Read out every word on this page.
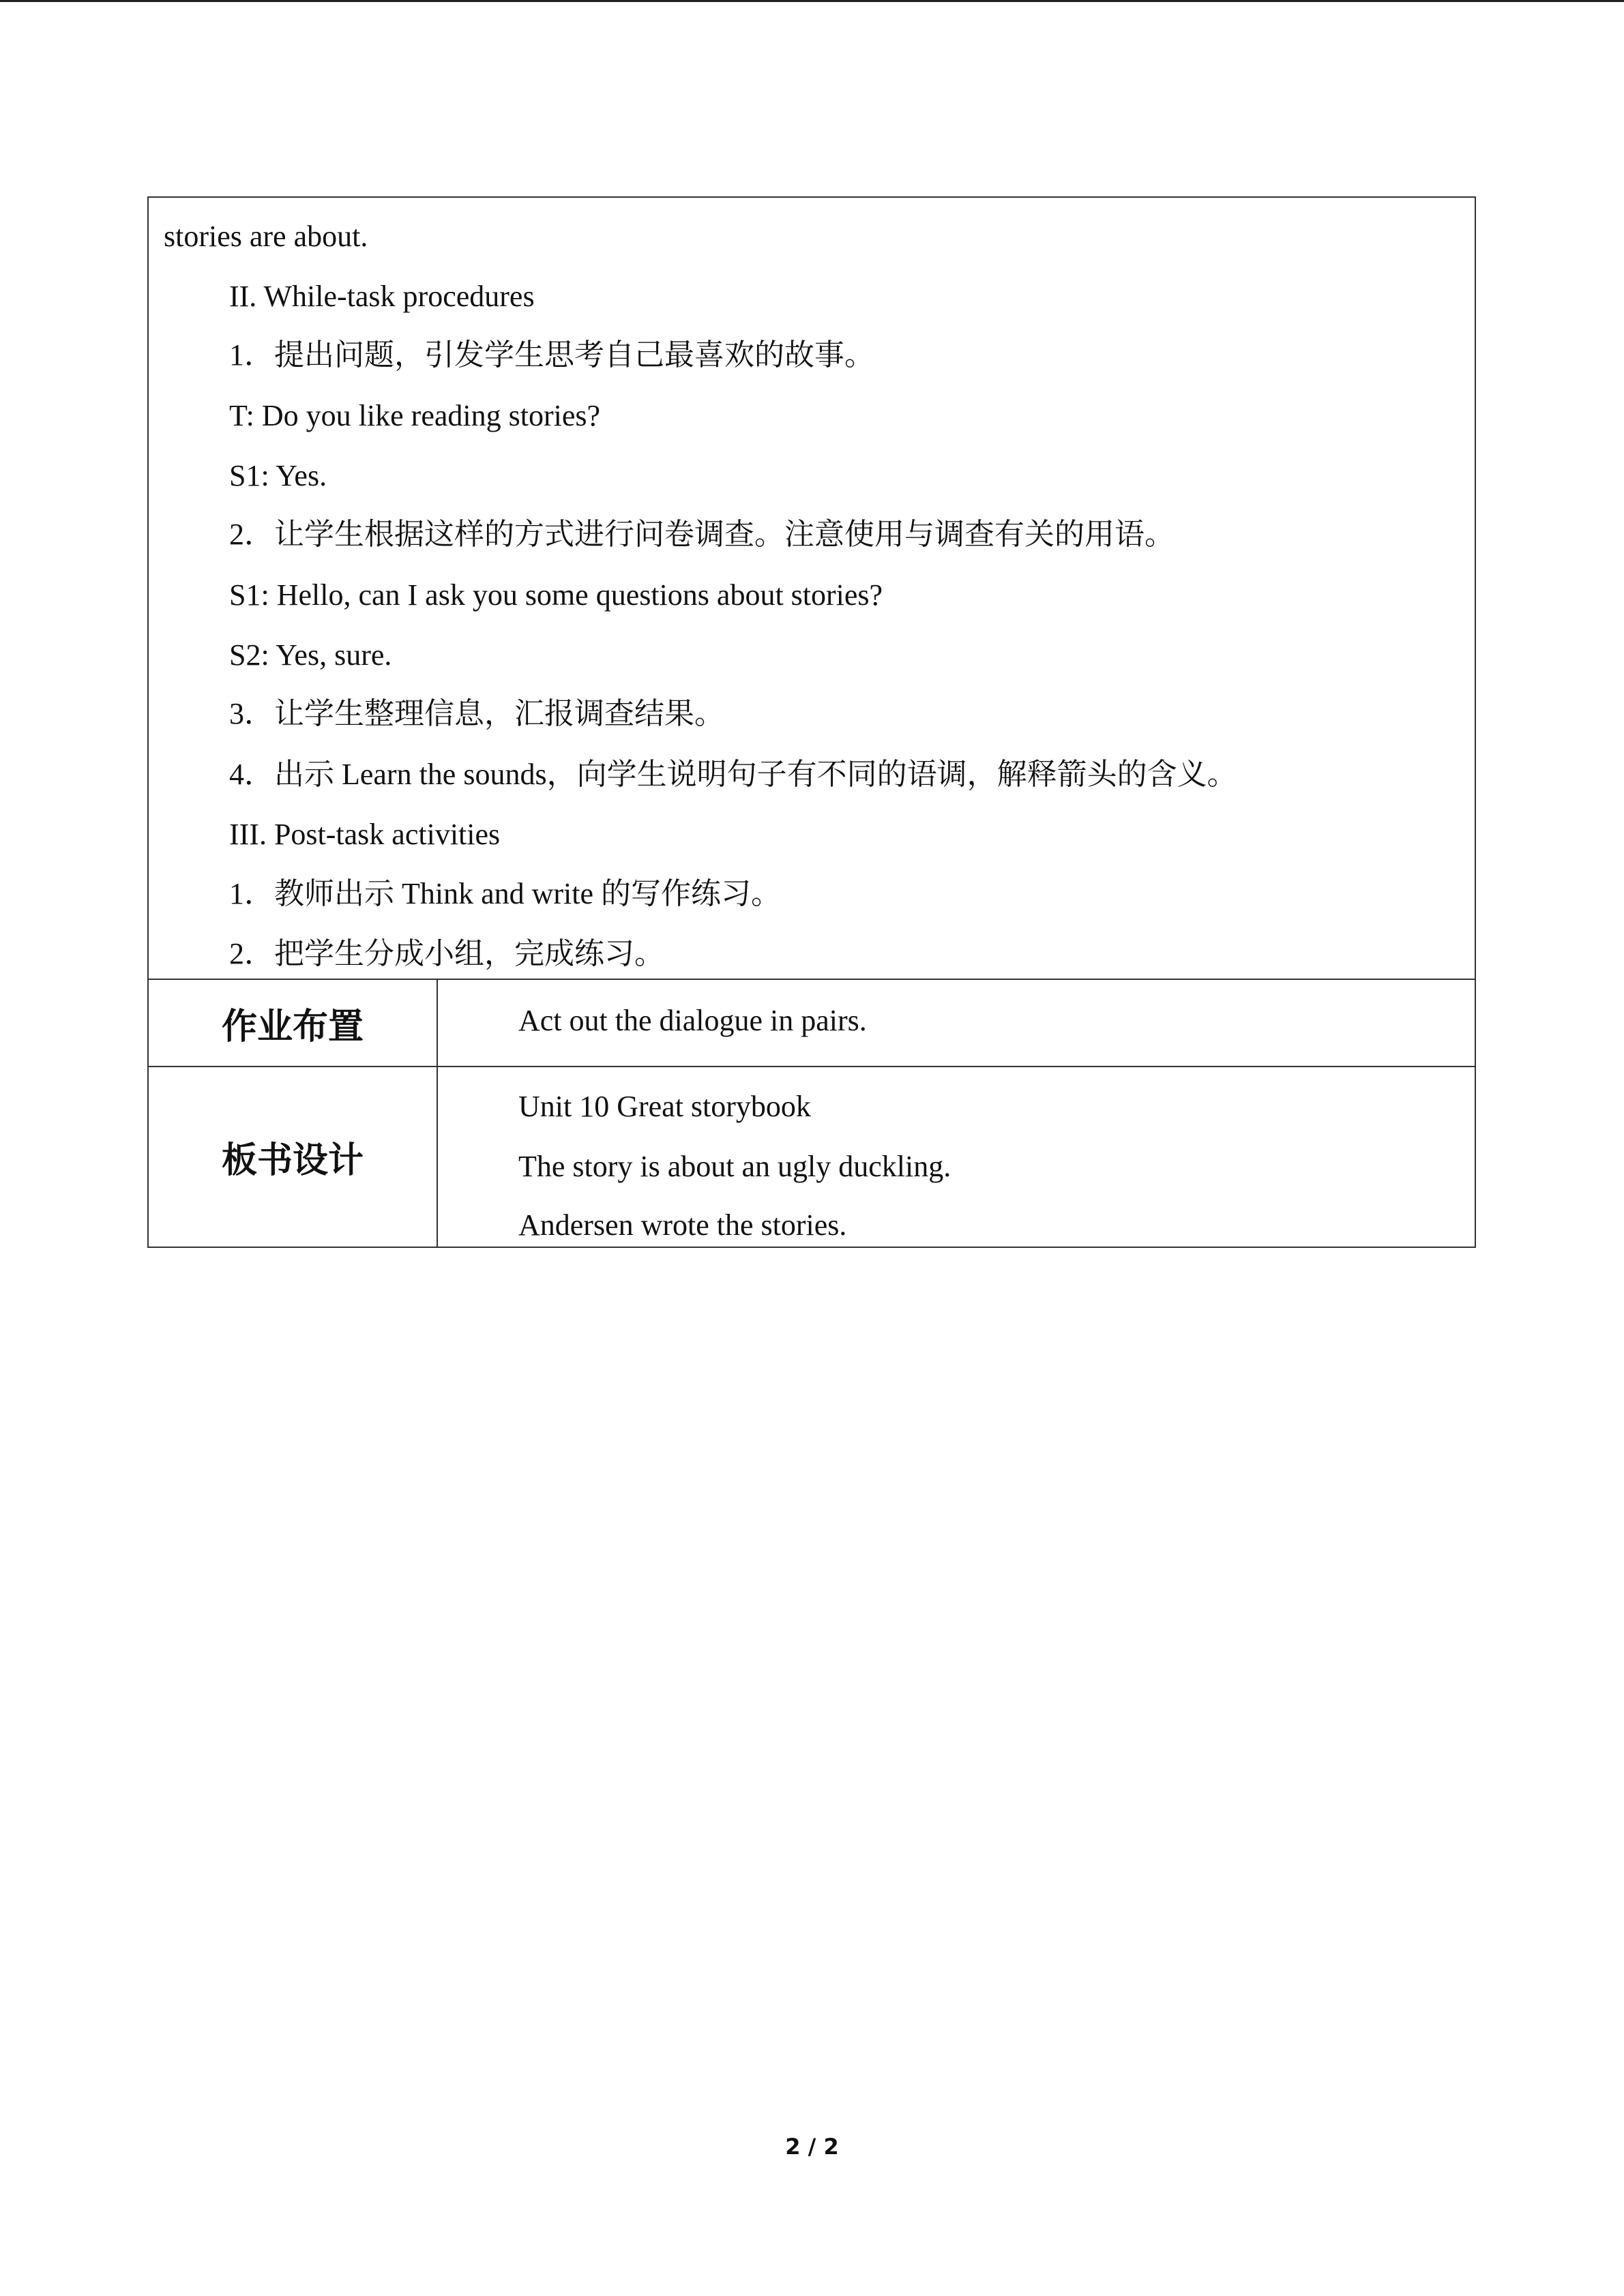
stories are about.
II. While-task procedures
1．提出问题，引发学生思考自己最喜欢的故事。
T: Do you like reading stories?
S1: Yes.
2．让学生根据这样的方式进行问卷调查。注意使用与调查有关的用语。
S1: Hello, can I ask you some questions about stories?
S2: Yes, sure.
3．让学生整理信息，汇报调查结果。
4．出示 Learn the sounds，向学生说明句子有不同的语调，解释箭头的含义。
III. Post-task activities
1．教师出示 Think and write 的写作练习。
2．把学生分成小组，完成练习。
作业布置	Act out the dialogue in pairs.
板书设计
Unit 10 Great storybook
The story is about an ugly duckling.
Andersen wrote the stories.
2 / 2
